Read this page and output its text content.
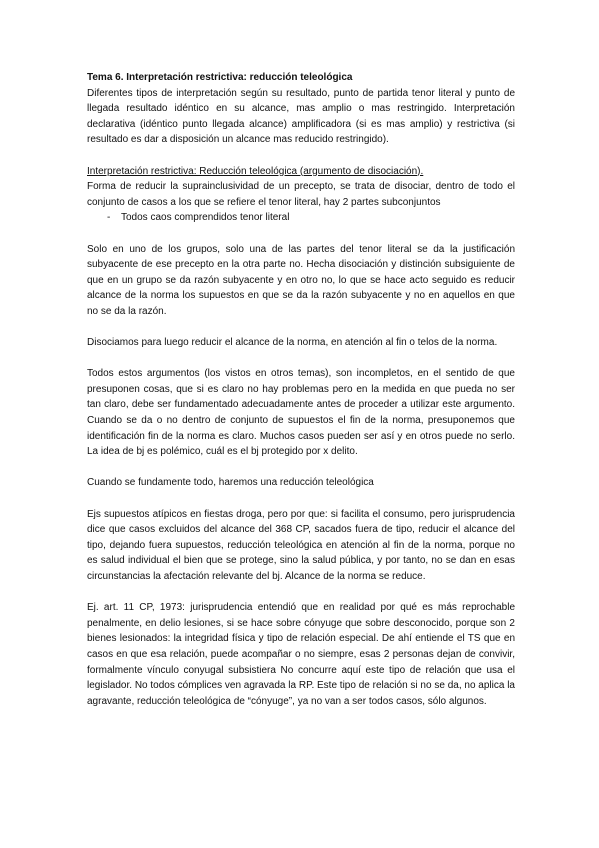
Tema 6. Interpretación restrictiva: reducción teleológica

Diferentes tipos de interpretación según su resultado, punto de partida tenor literal y punto de llegada resultado idéntico en su alcance, mas amplio o mas restringido. Interpretación declarativa (idéntico punto llegada alcance) amplificadora (si es mas amplio) y restrictiva (si resultado es dar a disposición un alcance mas reducido restringido).

Interpretación restrictiva: Reducción teleológica (argumento de disociación).

Forma de reducir la suprainclusividad de un precepto, se trata de disociar, dentro de todo el conjunto de casos a los que se refiere el tenor literal, hay 2 partes subconjuntos

- Todos caos comprendidos tenor literal

Solo en uno de los grupos, solo una de las partes del tenor literal se da la justificación subyacente de ese precepto en la otra parte no. Hecha disociación y distinción subsiguiente de que en un grupo se da razón subyacente y en otro no, lo que se hace acto seguido es reducir alcance de la norma los supuestos en que se da la razón subyacente y no en aquellos en que no se da la razón.

Disociamos para luego reducir el alcance de la norma, en atención al fin o telos de la norma.

Todos estos argumentos (los vistos en otros temas), son incompletos, en el sentido de que presuponen cosas, que si es claro no hay problemas pero en la medida en que pueda no ser tan claro, debe ser fundamentado adecuadamente antes de proceder a utilizar este argumento. Cuando se da o no dentro de conjunto de supuestos el fin de la norma, presuponemos que identificación fin de la norma es claro. Muchos casos pueden ser así y en otros puede no serlo. La idea de bj es polémico, cuál es el bj protegido por x delito.

Cuando se fundamente todo, haremos una reducción teleológica

Ejs supuestos atípicos en fiestas droga, pero por que: si facilita el consumo, pero jurisprudencia dice que casos excluidos del alcance del 368 CP, sacados fuera de tipo, reducir el alcance del tipo, dejando fuera supuestos, reducción teleológica en atención al fin de la norma, porque no es salud individual el bien que se protege, sino la salud pública, y por tanto, no se dan en esas circunstancias la afectación relevante del bj. Alcance de la norma se reduce.

Ej. art. 11 CP, 1973: jurisprudencia entendió que en realidad por qué es más reprochable penalmente, en delio lesiones, si se hace sobre cónyuge que sobre desconocido, porque son 2 bienes lesionados: la integridad física y tipo de relación especial. De ahí entiende el TS que en casos en que esa relación, puede acompañar o no siempre, esas 2 personas dejan de convivir, formalmente vínculo conyugal subsistiera No concurre aquí este tipo de relación que usa el legislador. No todos cómplices ven agravada la RP. Este tipo de relación si no se da, no aplica la agravante, reducción teleológica de “cónyuge”, ya no van a ser todos casos, sólo algunos.
